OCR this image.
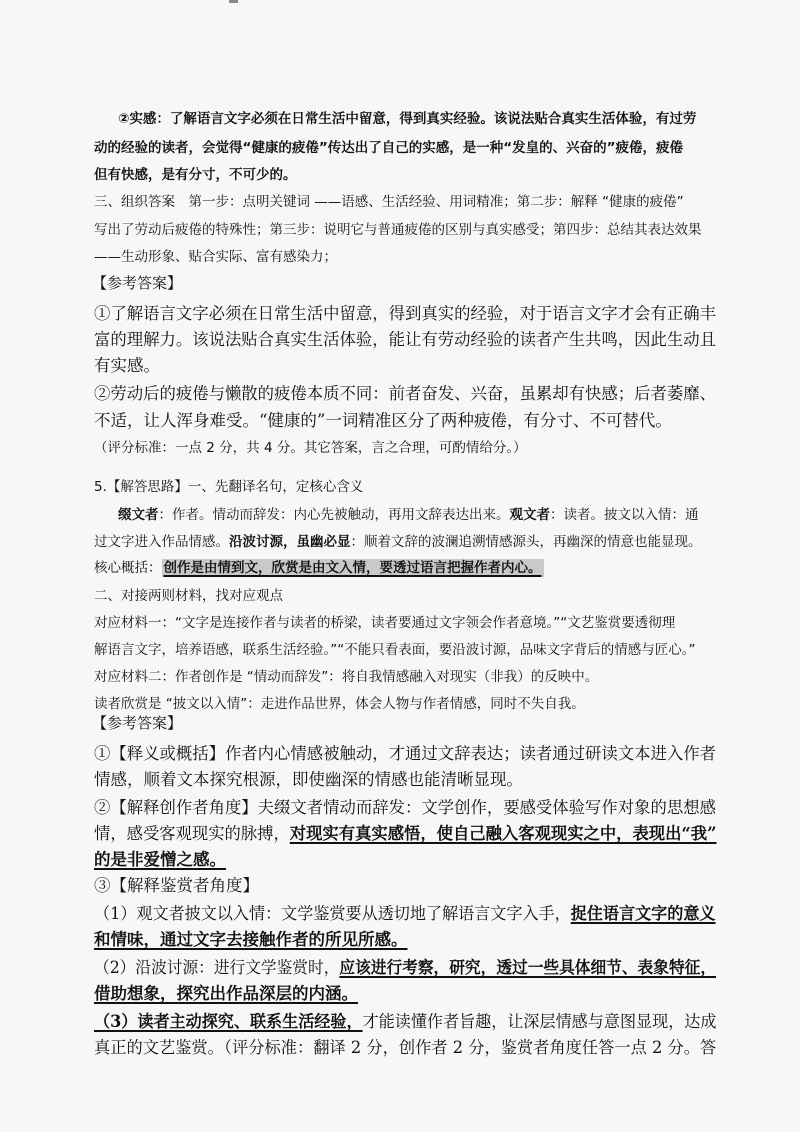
②实感：了解语言文字必须在日常生活中留意，得到真实经验。该说法贴合真实生活体验，有过劳
动的经验的读者，会觉得“健康的疲倦”传达出了自己的实感，是一种“发皇的、兴奋的”疲倦，疲倦
但有快感，是有分寸，不可少的。
三、组织答案　第一步：点明关键词 ——语感、生活经验、用词精准；第二步：解释 “健康的疲倦”
写出了劳动后疲倦的特殊性；第三步：说明它与普通疲倦的区别与真实感受；第四步：总结其表达效果
——生动形象、贴合实际、富有感染力；
【参考答案】
①了解语言文字必须在日常生活中留意，得到真实的经验，对于语言文字才会有正确丰
富的理解力。该说法贴合真实生活体验，能让有劳动经验的读者产生共鸣，因此生动且
有实感。
②劳动后的疲倦与懒散的疲倦本质不同：前者奋发、兴奋，虽累却有快感；后者萎靡、
不适，让人浑身难受。“健康的”一词精准区分了两种疲倦，有分寸、不可替代。
（评分标准：一点 2 分，共 4 分。其它答案，言之合理，可酌情给分。）
5.【解答思路】一、先翻译名句，定核心含义
缀文者：作者。情动而辞发：内心先被触动，再用文辞表达出来。观文者：读者。披文以入情：通
过文字进入作品情感。沿波讨源，虽幽必显：顺着文辞的波澜追溯情感源头，再幽深的情意也能显现。
核心概括： 创作是由情到文，欣赏是由文入情，要透过语言把握作者内心。
二、对接两则材料，找对应观点
对应材料一：“文字是连接作者与读者的桥梁，读者要通过文字领会作者意境。”“文艺鉴赏要透彻理
解语言文字，培养语感，联系生活经验。”“不能只看表面，要沿波讨源，品味文字背后的情感与匠心。”
对应材料二：作者创作是 “情动而辞发”：将自我情感融入对现实（非我）的反映中。
读者欣赏是 “披文以入情”：走进作品世界，体会人物与作者情感，同时不失自我。
【参考答案】
①【释义或概括】作者内心情感被触动，才通过文辞表达；读者通过研读文本进入作者
情感，顺着文本探究根源，即使幽深的情感也能清晰显现。
②【解释创作者角度】夫缀文者情动而辞发：文学创作，要感受体验写作对象的思想感
情，感受客观现实的脉搏，对现实有真实感悟，使自己融入客观现实之中，表现出“我”
的是非爱憎之感。
③【解释鉴赏者角度】
（1）观文者披文以入情：文学鉴赏要从透切地了解语言文字入手，捉住语言文字的意义
和情味，通过文字去接触作者的所见所感。
（2）沿波讨源：进行文学鉴赏时，应该进行考察，研究，透过一些具体细节、表象特征，
借助想象，探究出作品深层的内涵。
（3）读者主动探究、联系生活经验，才能读懂作者旨趣，让深层情感与意图显现，达成
真正的文艺鉴赏。（评分标准：翻译 2 分，创作者 2 分，鉴赏者角度任答一点 2 分。答
